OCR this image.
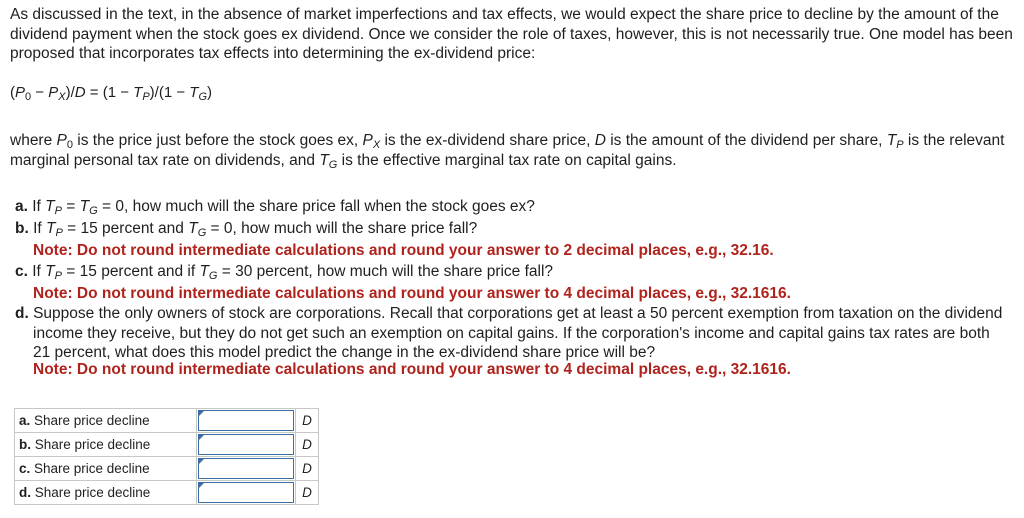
As discussed in the text, in the absence of market imperfections and tax effects, we would expect the share price to decline by the amount of the dividend payment when the stock goes ex dividend. Once we consider the role of taxes, however, this is not necessarily true. One model has been proposed that incorporates tax effects into determining the ex-dividend price:

$(P_0 - P_X)/D = (1 - T_P)/(1 - T_G)$

where $P_0$ is the price just before the stock goes ex, $P_X$ is the ex-dividend share price, D is the amount of the dividend per share, $T_P$ is the relevant marginal personal tax rate on dividends, and $T_G$ is the effective marginal tax rate on capital gains.

a. If $T_P = T_G = 0$, how much will the share price fall when the stock goes ex?

b. If $T_P = 15$ percent and $T_G = 0$, how much will the share price fall?

Note: Do not round intermediate calculations and round your answer to 2 decimal places, e.g., 32.16.

c. If $T_P = 15$ percent and if $T_G = 30$ percent, how much will the share price fall?

Note: Do not round intermediate calculations and round your answer to 4 decimal places, e.g., 32.1616.

d. Suppose the only owners of stock are corporations. Recall that corporations get at least a 50 percent exemption from taxation on the dividend income they receive, but they do not get such an exemption on capital gains. If the corporation's income and capital gains tax rates are both 21 percent, what does this model predict the change in the ex-dividend share price will be?

Note: Do not round intermediate calculations and round your answer to 4 decimal places, e.g., 32.1616.

a. Share price decline		D
b. Share price decline		D
c. Share price decline		D
d. Share price decline		D
